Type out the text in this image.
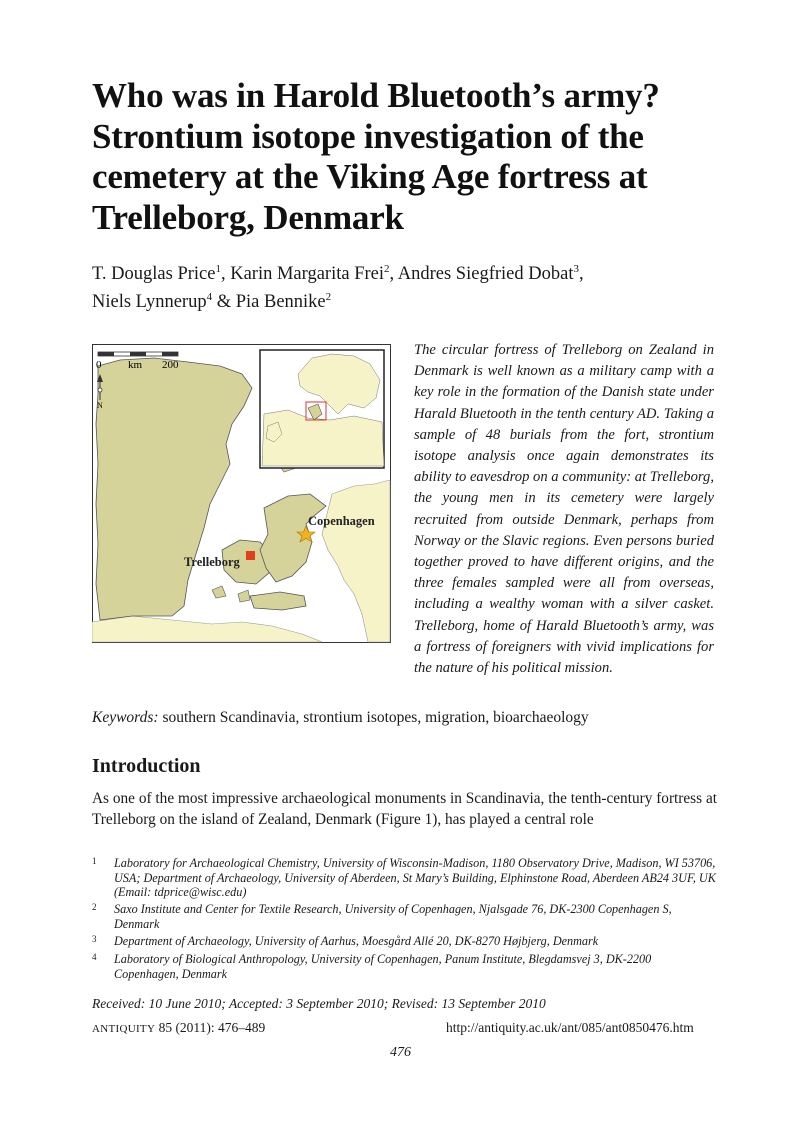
Who was in Harold Bluetooth’s army? Strontium isotope investigation of the cemetery at the Viking Age fortress at Trelleborg, Denmark
T. Douglas Price$^1$, Karin Margarita Frei$^2$, Andres Siegfried Dobat$^3$,
Niels Lynnerup$^4$ & Pia Bennike$^2$
0 km 200
N
Copenhagen
Trelleborg

The circular fortress of Trelleborg on Zealand in Denmark is well known as a military camp with a key role in the formation of the Danish state under Harald Bluetooth in the tenth century AD. Taking a sample of 48 burials from the fort, strontium isotope analysis once again demonstrates its ability to eavesdrop on a community: at Trelleborg, the young men in its cemetery were largely recruited from outside Denmark, perhaps from Norway or the Slavic regions. Even persons buried together proved to have different origins, and the three females sampled were all from overseas, including a wealthy woman with a silver casket. Trelleborg, home of Harald Bluetooth’s army, was a fortress of foreigners with vivid implications for the nature of his political mission.

Keywords: southern Scandinavia, strontium isotopes, migration, bioarchaeology
Introduction

As one of the most impressive archaeological monuments in Scandinavia, the tenth-century fortress at Trelleborg on the island of Zealand, Denmark (Figure 1), has played a central role

1	Laboratory for Archaeological Chemistry, University of Wisconsin-Madison, 1180 Observatory Drive, Madison, WI 53706, USA; Department of Archaeology, University of Aberdeen, St Mary’s Building, Elphinstone Road, Aberdeen AB24 3UF, UK (Email: tdprice@wisc.edu)
2	Saxo Institute and Center for Textile Research, University of Copenhagen, Njalsgade 76, DK-2300 Copenhagen S, Denmark
3	Department of Archaeology, University of Aarhus, Moesgård Allé 20, DK-8270 Højbjerg, Denmark
4	Laboratory of Biological Anthropology, University of Copenhagen, Panum Institute, Blegdamsvej 3, DK-2200 Copenhagen, Denmark
Received: 10 June 2010; Accepted: 3 September 2010; Revised: 13 September 2010
ANTIQUITY 85 (2011): 476–489	http://antiquity.ac.uk/ant/085/ant0850476.htm
476
